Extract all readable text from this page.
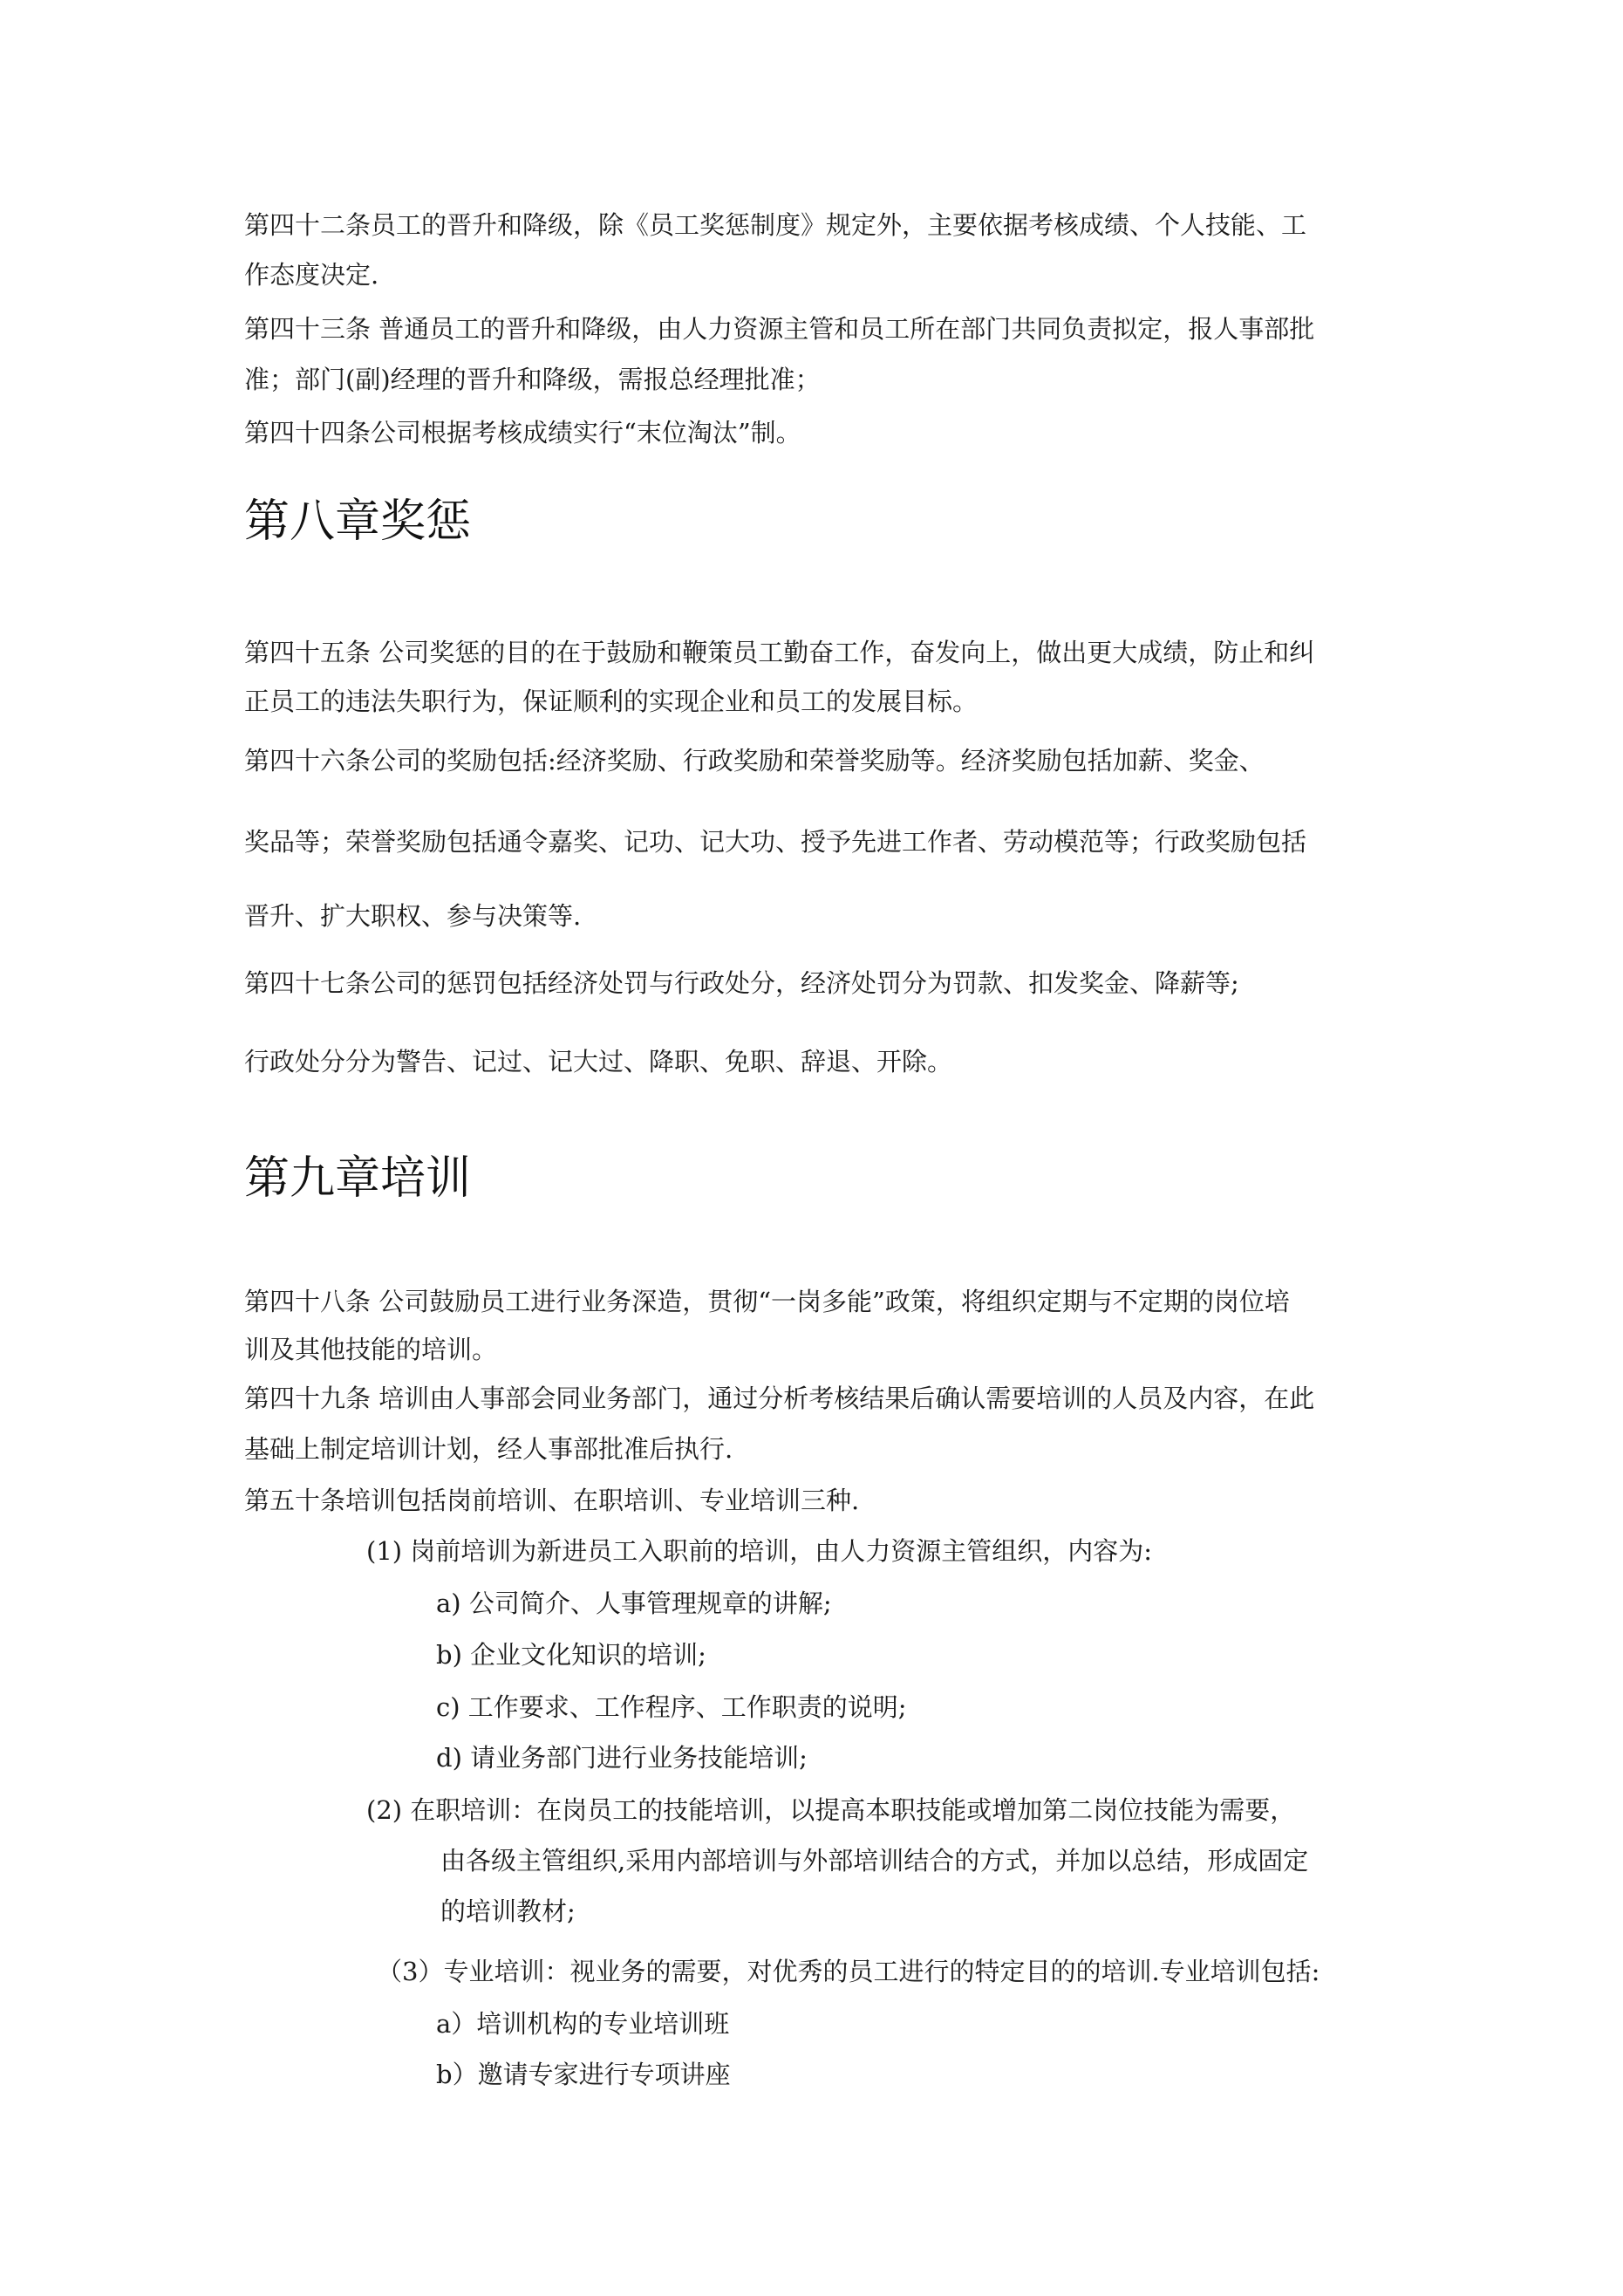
第四十二条员工的晋升和降级，除《员工奖惩制度》规定外，主要依据考核成绩、个人技能、工
作态度决定.
第四十三条 普通员工的晋升和降级，由人力资源主管和员工所在部门共同负责拟定，报人事部批
准；部门(副)经理的晋升和降级，需报总经理批准；
第四十四条公司根据考核成绩实行“末位淘汰”制。
第八章奖惩
第四十五条 公司奖惩的目的在于鼓励和鞭策员工勤奋工作，奋发向上，做出更大成绩，防止和纠
正员工的违法失职行为，保证顺利的实现企业和员工的发展目标。
第四十六条公司的奖励包括:经济奖励、行政奖励和荣誉奖励等。经济奖励包括加薪、奖金、
奖品等；荣誉奖励包括通令嘉奖、记功、记大功、授予先进工作者、劳动模范等；行政奖励包括
晋升、扩大职权、参与决策等.
第四十七条公司的惩罚包括经济处罚与行政处分，经济处罚分为罚款、扣发奖金、降薪等;
行政处分分为警告、记过、记大过、降职、免职、辞退、开除。
第九章培训
第四十八条 公司鼓励员工进行业务深造，贯彻“一岗多能”政策，将组织定期与不定期的岗位培
训及其他技能的培训。
第四十九条 培训由人事部会同业务部门，通过分析考核结果后确认需要培训的人员及内容，在此
基础上制定培训计划，经人事部批准后执行.
第五十条培训包括岗前培训、在职培训、专业培训三种.
(1) 岗前培训为新进员工入职前的培训，由人力资源主管组织，内容为:
a) 公司简介、人事管理规章的讲解;
b) 企业文化知识的培训;
c) 工作要求、工作程序、工作职责的说明;
d) 请业务部门进行业务技能培训;
(2) 在职培训：在岗员工的技能培训，以提高本职技能或增加第二岗位技能为需要，
由各级主管组织,采用内部培训与外部培训结合的方式，并加以总结，形成固定
的培训教材;
（3）专业培训：视业务的需要，对优秀的员工进行的特定目的的培训.专业培训包括:
a）培训机构的专业培训班
b）邀请专家进行专项讲座
